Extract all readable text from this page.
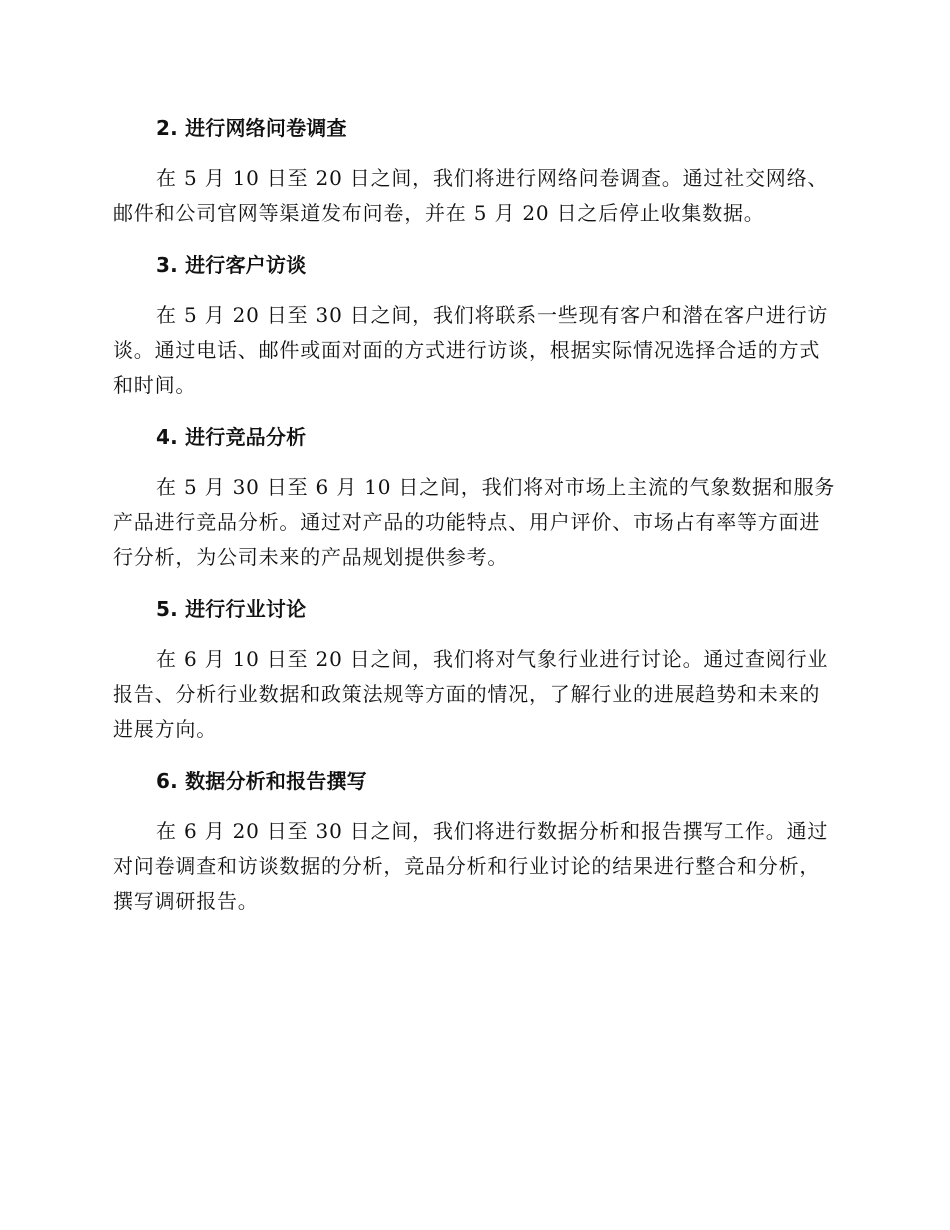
2. 进行网络问卷调查

在 5 月 10 日至 20 日之间，我们将进行网络问卷调查。通过社交网络、邮件和公司官网等渠道发布问卷，并在 5 月 20 日之后停止收集数据。

3. 进行客户访谈

在 5 月 20 日至 30 日之间，我们将联系一些现有客户和潜在客户进行访谈。通过电话、邮件或面对面的方式进行访谈，根据实际情况选择合适的方式和时间。

4. 进行竞品分析

在 5 月 30 日至 6 月 10 日之间，我们将对市场上主流的气象数据和服务产品进行竞品分析。通过对产品的功能特点、用户评价、市场占有率等方面进行分析，为公司未来的产品规划提供参考。

5. 进行行业讨论

在 6 月 10 日至 20 日之间，我们将对气象行业进行讨论。通过查阅行业报告、分析行业数据和政策法规等方面的情况，了解行业的进展趋势和未来的进展方向。

6. 数据分析和报告撰写

在 6 月 20 日至 30 日之间，我们将进行数据分析和报告撰写工作。通过对问卷调查和访谈数据的分析，竞品分析和行业讨论的结果进行整合和分析，撰写调研报告。
